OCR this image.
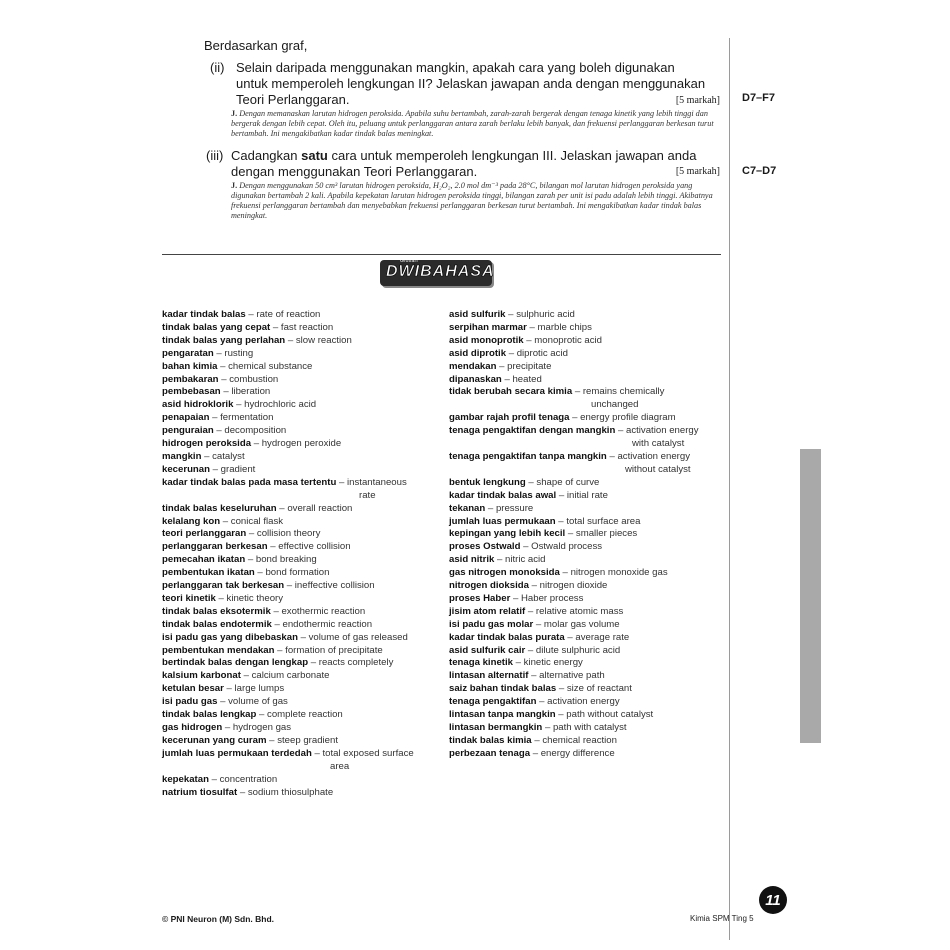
Berdasarkan graf,
(ii) Selain daripada menggunakan mangkin, apakah cara yang boleh digunakan untuk memperoleh lengkungan II? Jelaskan jawapan anda dengan menggunakan Teori Perlanggaran.	[5 markah]
J. Dengan memanaskan larutan hidrogen peroksida. Apabila suhu bertambah, zarah-zarah bergerak dengan tenaga kinetik yang lebih tinggi dan bergerak dengan lebih cepat. Oleh itu, peluang untuk perlanggaran antara zarah berlaku lebih banyak, dan frekuensi perlanggaran berkesan turut bertambah. Ini mengakibatkan kadar tindak balas meningkat.
D7–F7
(iii) Cadangkan satu cara untuk memperoleh lengkungan III. Jelaskan jawapan anda dengan menggunakan Teori Perlanggaran.	[5 markah]
J. Dengan menggunakan 50 cm³ larutan hidrogen peroksida, H₂O₂, 2.0 mol dm⁻³ pada 28°C, bilangan mol larutan hidrogen peroksida yang digunakan bertambah 2 kali. Apabila kepekatan larutan hidrogen peroksida tinggi, bilangan zarah per unit isi padu adalah lebih tinggi. Akibatnya frekuensi perlanggaran bertambah dan menyebabkan frekuensi perlanggaran berkesan turut bertambah. Ini mengakibatkan kadar tindak balas meningkat.
C7–D7
Glosari
DWIBAHASA
kadar tindak balas – rate of reaction
tindak balas yang cepat – fast reaction
tindak balas yang perlahan – slow reaction
pengaratan – rusting
bahan kimia – chemical substance
pembakaran – combustion
pembebasan – liberation
asid hidroklorik – hydrochloric acid
penapaian – fermentation
penguraian – decomposition
hidrogen peroksida – hydrogen peroxide
mangkin – catalyst
kecerunan – gradient
kadar tindak balas pada masa tertentu – instantaneous
rate
tindak balas keseluruhan – overall reaction
kelalang kon – conical flask
teori perlanggaran – collision theory
perlanggaran berkesan – effective collision
pemecahan ikatan – bond breaking
pembentukan ikatan – bond formation
perlanggaran tak berkesan – ineffective collision
teori kinetik – kinetic theory
tindak balas eksotermik – exothermic reaction
tindak balas endotermik – endothermic reaction
isi padu gas yang dibebaskan – volume of gas released
pembentukan mendakan – formation of precipitate
bertindak balas dengan lengkap – reacts completely
kalsium karbonat – calcium carbonate
ketulan besar – large lumps
isi padu gas – volume of gas
tindak balas lengkap – complete reaction
gas hidrogen – hydrogen gas
kecerunan yang curam – steep gradient
jumlah luas permukaan terdedah – total exposed surface
area
kepekatan – concentration
natrium tiosulfat – sodium thiosulphate
asid sulfurik – sulphuric acid
serpihan marmar – marble chips
asid monoprotik – monoprotic acid
asid diprotik – diprotic acid
mendakan – precipitate
dipanaskan – heated
tidak berubah secara kimia – remains chemically
unchanged
gambar rajah profil tenaga – energy profile diagram
tenaga pengaktifan dengan mangkin – activation energy
with catalyst
tenaga pengaktifan tanpa mangkin – activation energy
without catalyst
bentuk lengkung – shape of curve
kadar tindak balas awal – initial rate
tekanan – pressure
jumlah luas permukaan – total surface area
kepingan yang lebih kecil – smaller pieces
proses Ostwald – Ostwald process
asid nitrik – nitric acid
gas nitrogen monoksida – nitrogen monoxide gas
nitrogen dioksida – nitrogen dioxide
proses Haber – Haber process
jisim atom relatif – relative atomic mass
isi padu gas molar – molar gas volume
kadar tindak balas purata – average rate
asid sulfurik cair – dilute sulphuric acid
tenaga kinetik – kinetic energy
lintasan alternatif – alternative path
saiz bahan tindak balas – size of reactant
tenaga pengaktifan – activation energy
lintasan tanpa mangkin – path without catalyst
lintasan bermangkin – path with catalyst
tindak balas kimia – chemical reaction
perbezaan tenaga – energy difference
© PNI Neuron (M) Sdn. Bhd.
11
Kimia SPM Ting 5
